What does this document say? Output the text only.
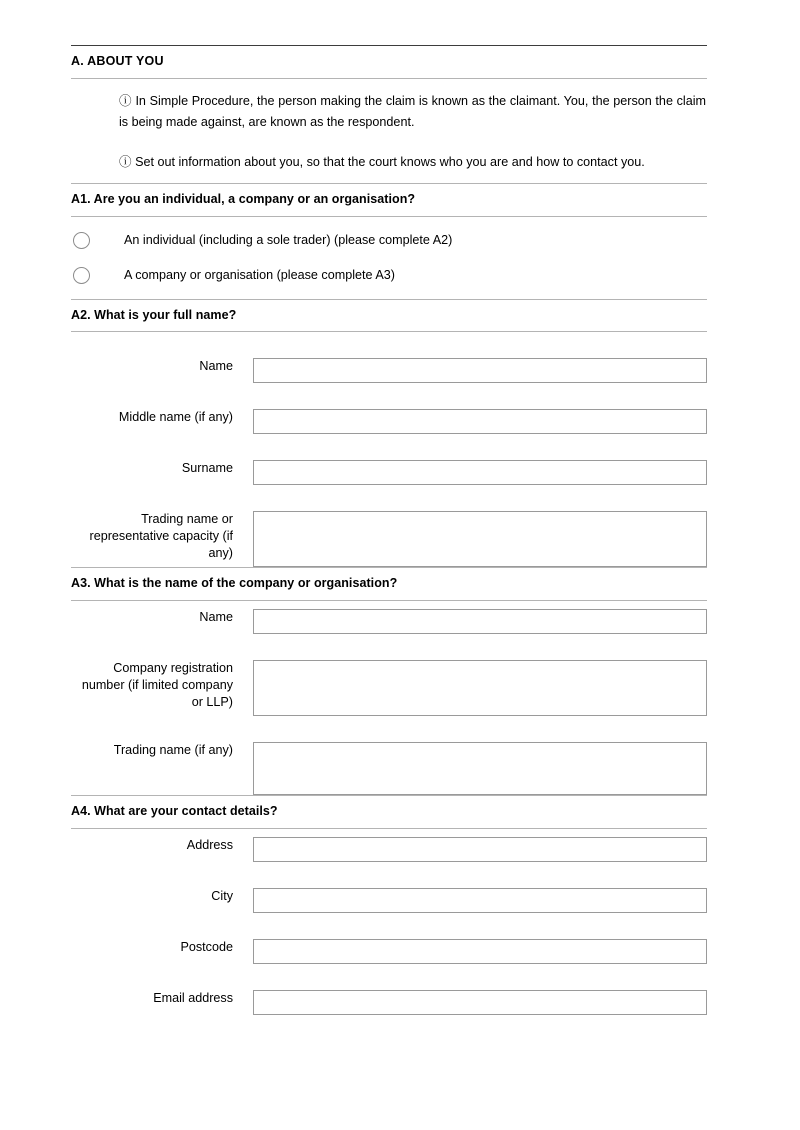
A. ABOUT YOU

ⓘ In Simple Procedure, the person making the claim is known as the claimant. You, the person the claim is being made against, are known as the respondent.

ⓘ Set out information about you, so that the court knows who you are and how to contact you.

A1. Are you an individual, a company or an organisation?
An individual (including a sole trader) (please complete A2)
A company or organisation (please complete A3)
A2. What is your full name?
Name
Middle name (if any)
Surname
Trading name or representative capacity (if any)
A3. What is the name of the company or organisation?
Name
Company registration number (if limited company or LLP)
Trading name (if any)
A4. What are your contact details?
Address
City
Postcode
Email address
